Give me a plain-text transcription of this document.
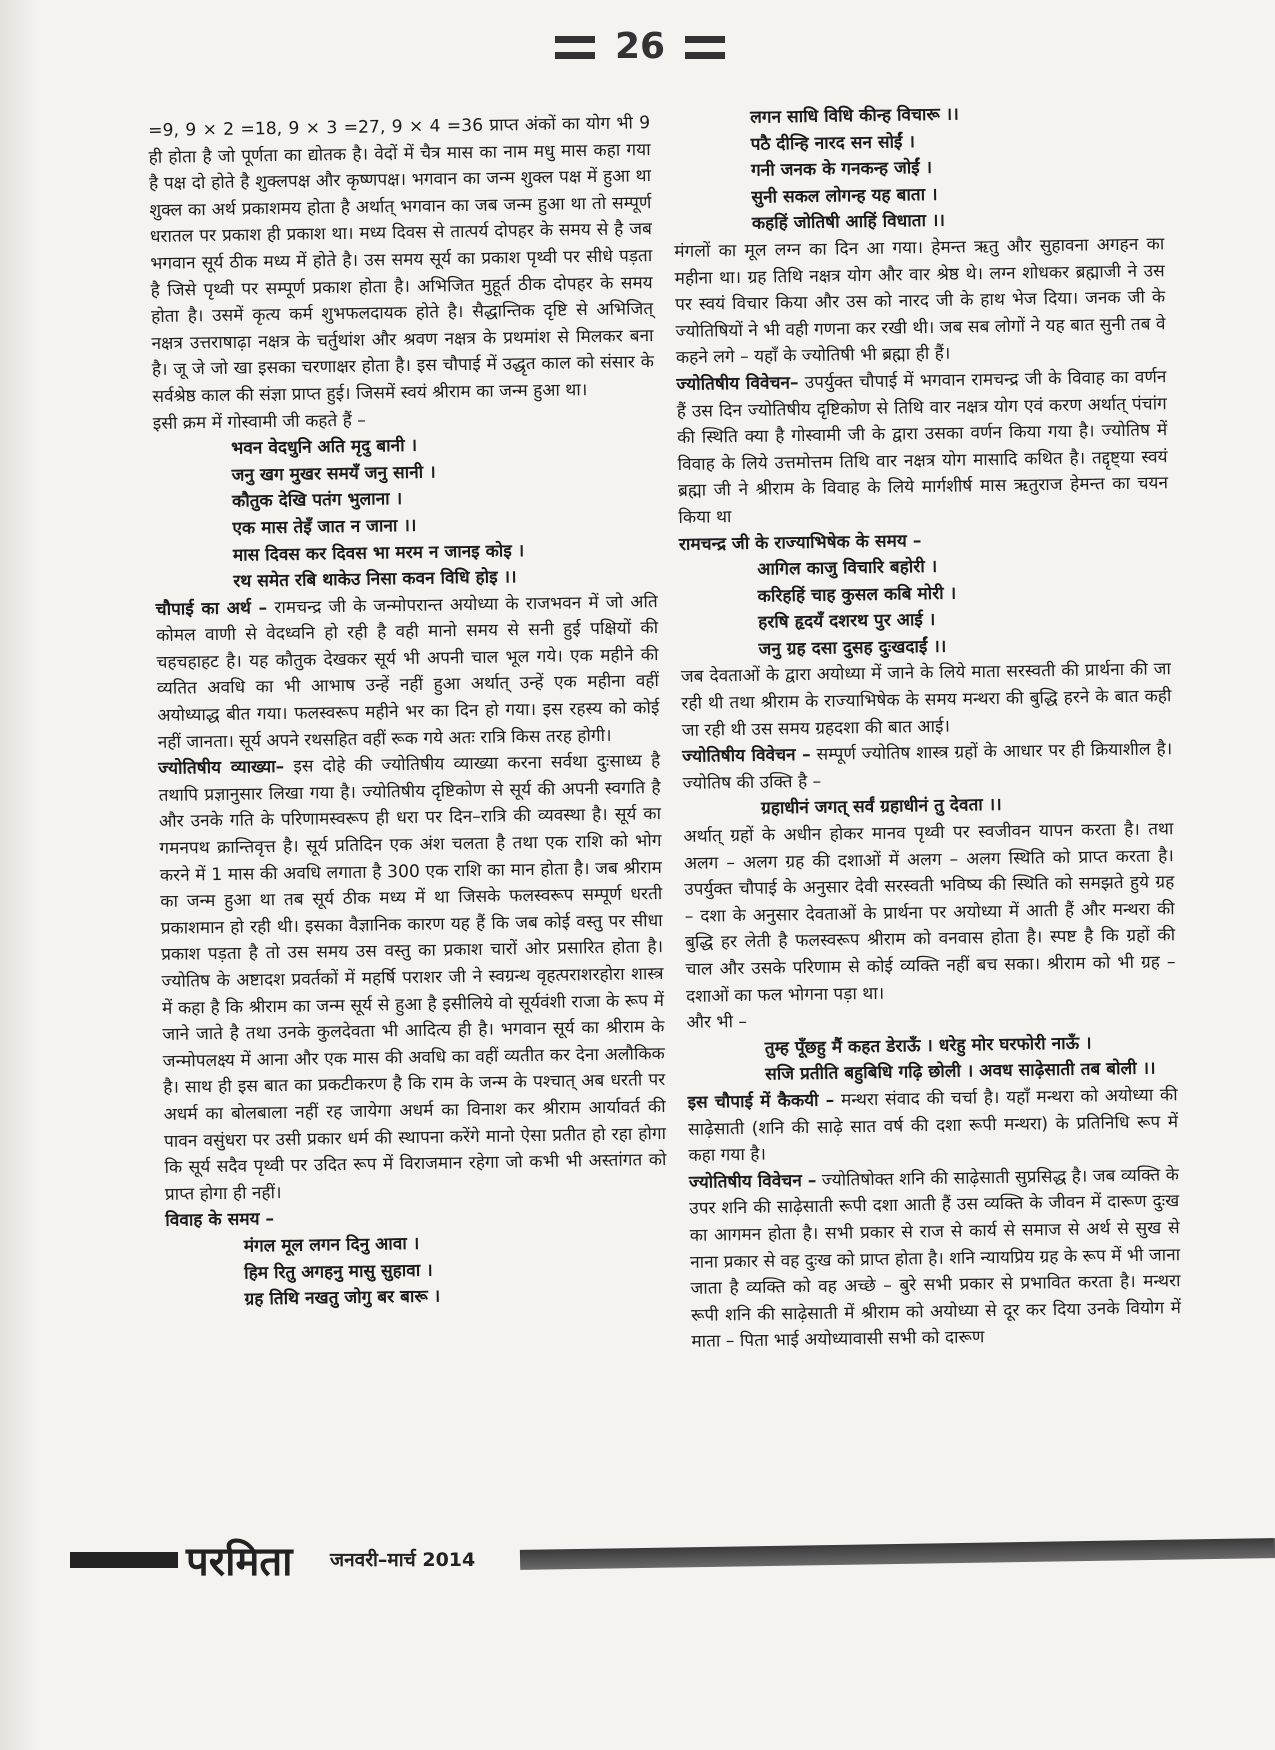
26

=9, 9 × 2 =18, 9 × 3 =27, 9 × 4 =36 प्राप्त अंकों का योग भी 9 ही होता है जो पूर्णता का द्योतक है। वेदों में चैत्र मास का नाम मधु मास कहा गया है पक्ष दो होते है शुक्लपक्ष और कृष्णपक्ष। भगवान का जन्म शुक्ल पक्ष में हुआ था शुक्ल का अर्थ प्रकाशमय होता है अर्थात् भगवान का जब जन्म हुआ था तो सम्पूर्ण धरातल पर प्रकाश ही प्रकाश था। मध्य दिवस से तात्पर्य दोपहर के समय से है जब भगवान सूर्य ठीक मध्य में होते है। उस समय सूर्य का प्रकाश पृथ्वी पर सीधे पड़ता है जिसे पृथ्वी पर सम्पूर्ण प्रकाश होता है। अभिजित मुहूर्त ठीक दोपहर के समय होता है। उसमें कृत्य कर्म शुभफलदायक होते है। सैद्धान्तिक दृष्टि से अभिजित् नक्षत्र उत्तराषाढ़ा नक्षत्र के चर्तुथांश और श्रवण नक्षत्र के प्रथमांश से मिलकर बना है। जू जे जो खा इसका चरणाक्षर होता है। इस चौपाई में उद्धृत काल को संसार के सर्वश्रेष्ठ काल की संज्ञा प्राप्त हुई। जिसमें स्वयं श्रीराम का जन्म हुआ था।

इसी क्रम में गोस्वामी जी कहते हैं –

भवन वेदधुनि अति मृदु बानी ।

जनु खग मुखर समयँ जनु सानी ।

कौतुक देखि पतंग भुलाना ।

एक मास तेइँ जात न जाना ।।

मास दिवस कर दिवस भा मरम न जानइ कोइ ।

रथ समेत रबि थाकेउ निसा कवन विधि होइ ।।

चौपाई का अर्थ – रामचन्द्र जी के जन्मोपरान्त अयोध्या के राजभवन में जो अति कोमल वाणी से वेदध्वनि हो रही है वही मानो समय से सनी हुई पक्षियों की चहचहाहट है। यह कौतुक देखकर सूर्य भी अपनी चाल भूल गये। एक महीने की व्यतित अवधि का भी आभाष उन्हें नहीं हुआ अर्थात् उन्हें एक महीना वहीं अयोध्याद्ध बीत गया। फलस्वरूप महीने भर का दिन हो गया। इस रहस्य को कोई नहीं जानता। सूर्य अपने रथसहित वहीं रूक गये अतः रात्रि किस तरह होगी।

ज्योतिषीय व्याख्या– इस दोहे की ज्योतिषीय व्याख्या करना सर्वथा दुःसाध्य है तथापि प्रज्ञानुसार लिखा गया है। ज्योतिषीय दृष्टिकोण से सूर्य की अपनी स्वगति है और उनके गति के परिणामस्वरूप ही धरा पर दिन–रात्रि की व्यवस्था है। सूर्य का गमनपथ क्रान्तिवृत्त है। सूर्य प्रतिदिन एक अंश चलता है तथा एक राशि को भोग करने में 1 मास की अवधि लगाता है 300 एक राशि का मान होता है। जब श्रीराम का जन्म हुआ था तब सूर्य ठीक मध्य में था जिसके फलस्वरूप सम्पूर्ण धरती प्रकाशमान हो रही थी। इसका वैज्ञानिक कारण यह हैं कि जब कोई वस्तु पर सीधा प्रकाश पड़ता है तो उस समय उस वस्तु का प्रकाश चारों ओर प्रसारित होता है। ज्योतिष के अष्टादश प्रवर्तकों में महर्षि पराशर जी ने स्वग्रन्थ वृहत्पराशरहोरा शास्त्र में कहा है कि श्रीराम का जन्म सूर्य से हुआ है इसीलिये वो सूर्यवंशी राजा के रूप में जाने जाते है तथा उनके कुलदेवता भी आदित्य ही है। भगवान सूर्य का श्रीराम के जन्मोपलक्ष्य में आना और एक मास की अवधि का वहीं व्यतीत कर देना अलौकिक है। साथ ही इस बात का प्रकटीकरण है कि राम के जन्म के पश्चात् अब धरती पर अधर्म का बोलबाला नहीं रह जायेगा अधर्म का विनाश कर श्रीराम आर्यावर्त की पावन वसुंधरा पर उसी प्रकार धर्म की स्थापना करेंगे मानो ऐसा प्रतीत हो रहा होगा कि सूर्य सदैव पृथ्वी पर उदित रूप में विराजमान रहेगा जो कभी भी अस्तांगत को प्राप्त होगा ही नहीं।

विवाह के समय –

मंगल मूल लगन दिनु आवा ।

हिम रितु अगहनु मासु सुहावा ।

ग्रह तिथि नखतु जोगु बर बारू ।

लगन साधि विधि कीन्ह विचारू ।।

पठै दीन्हि नारद सन सोईं ।

गनी जनक के गनकन्ह जोईं ।

सुनी सकल लोगन्ह यह बाता ।

कहहिं जोतिषी आहिं विधाता ।।

मंगलों का मूल लग्न का दिन आ गया। हेमन्त ऋतु और सुहावना अगहन का महीना था। ग्रह तिथि नक्षत्र योग और वार श्रेष्ठ थे। लग्न शोधकर ब्रह्माजी ने उस पर स्वयं विचार किया और उस को नारद जी के हाथ भेज दिया। जनक जी के ज्योतिषियों ने भी वही गणना कर रखी थी। जब सब लोगों ने यह बात सुनी तब वे कहने लगे – यहाँ के ज्योतिषी भी ब्रह्मा ही हैं।

ज्योतिषीय विवेचन– उपर्युक्त चौपाई में भगवान रामचन्द्र जी के विवाह का वर्णन हैं उस दिन ज्योतिषीय दृष्टिकोण से तिथि वार नक्षत्र योग एवं करण अर्थात् पंचांग की स्थिति क्या है गोस्वामी जी के द्वारा उसका वर्णन किया गया है। ज्योतिष में विवाह के लिये उत्तमोत्तम तिथि वार नक्षत्र योग मासादि कथित है। तद्दृष्ट्या स्वयं ब्रह्मा जी ने श्रीराम के विवाह के लिये मार्गशीर्ष मास ऋतुराज हेमन्त का चयन किया था

रामचन्द्र जी के राज्याभिषेक के समय –

आगिल काजु विचारि बहोरी ।

करिहहिं चाह कुसल कबि मोरी ।

हरषि हृदयँ दशरथ पुर आई ।

जनु ग्रह दसा दुसह दुःखदाईं ।।

जब देवताओं के द्वारा अयोध्या में जाने के लिये माता सरस्वती की प्रार्थना की जा रही थी तथा श्रीराम के राज्याभिषेक के समय मन्थरा की बुद्धि हरने के बात कही जा रही थी उस समय ग्रहदशा की बात आई।

ज्योतिषीय विवेचन – सम्पूर्ण ज्योतिष शास्त्र ग्रहों के आधार पर ही क्रियाशील है। ज्योतिष की उक्ति है –

ग्रहाधीनं जगत् सर्वं ग्रहाधीनं तु देवता ।।

अर्थात् ग्रहों के अधीन होकर मानव पृथ्वी पर स्वजीवन यापन करता है। तथा अलग – अलग ग्रह की दशाओं में अलग – अलग स्थिति को प्राप्त करता है। उपर्युक्त चौपाई के अनुसार देवी सरस्वती भविष्य की स्थिति को समझते हुये ग्रह – दशा के अनुसार देवताओं के प्रार्थना पर अयोध्या में आती हैं और मन्थरा की बुद्धि हर लेती है फलस्वरूप श्रीराम को वनवास होता है। स्पष्ट है कि ग्रहों की चाल और उसके परिणाम से कोई व्यक्ति नहीं बच सका। श्रीराम को भी ग्रह – दशाओं का फल भोगना पड़ा था।

और भी –

तुम्ह पूँछहु मैं कहत डेराऊँ । धरेहु मोर घरफोरी नाऊँ ।

सजि प्रतीति बहुबिधि गढ़ि छोली । अवध साढ़ेसाती तब बोली ।।

इस चौपाई में कैकयी – मन्थरा संवाद की चर्चा है। यहाँ मन्थरा को अयोध्या की साढ़ेसाती (शनि की साढ़े सात वर्ष की दशा रूपी मन्थरा) के प्रतिनिधि रूप में कहा गया है।

ज्योतिषीय विवेचन – ज्योतिषोक्त शनि की साढ़ेसाती सुप्रसिद्ध है। जब व्यक्ति के उपर शनि की साढ़ेसाती रूपी दशा आती हैं उस व्यक्ति के जीवन में दारूण दुःख का आगमन होता है। सभी प्रकार से राज से कार्य से समाज से अर्थ से सुख से नाना प्रकार से वह दुःख को प्राप्त होता है। शनि न्यायप्रिय ग्रह के रूप में भी जाना जाता है व्यक्ति को वह अच्छे – बुरे सभी प्रकार से प्रभावित करता है। मन्थरा रूपी शनि की साढ़ेसाती में श्रीराम को अयोध्या से दूर कर दिया उनके वियोग में माता – पिता भाई अयोध्यावासी सभी को दारूण

परमिता जनवरी–मार्च 2014
